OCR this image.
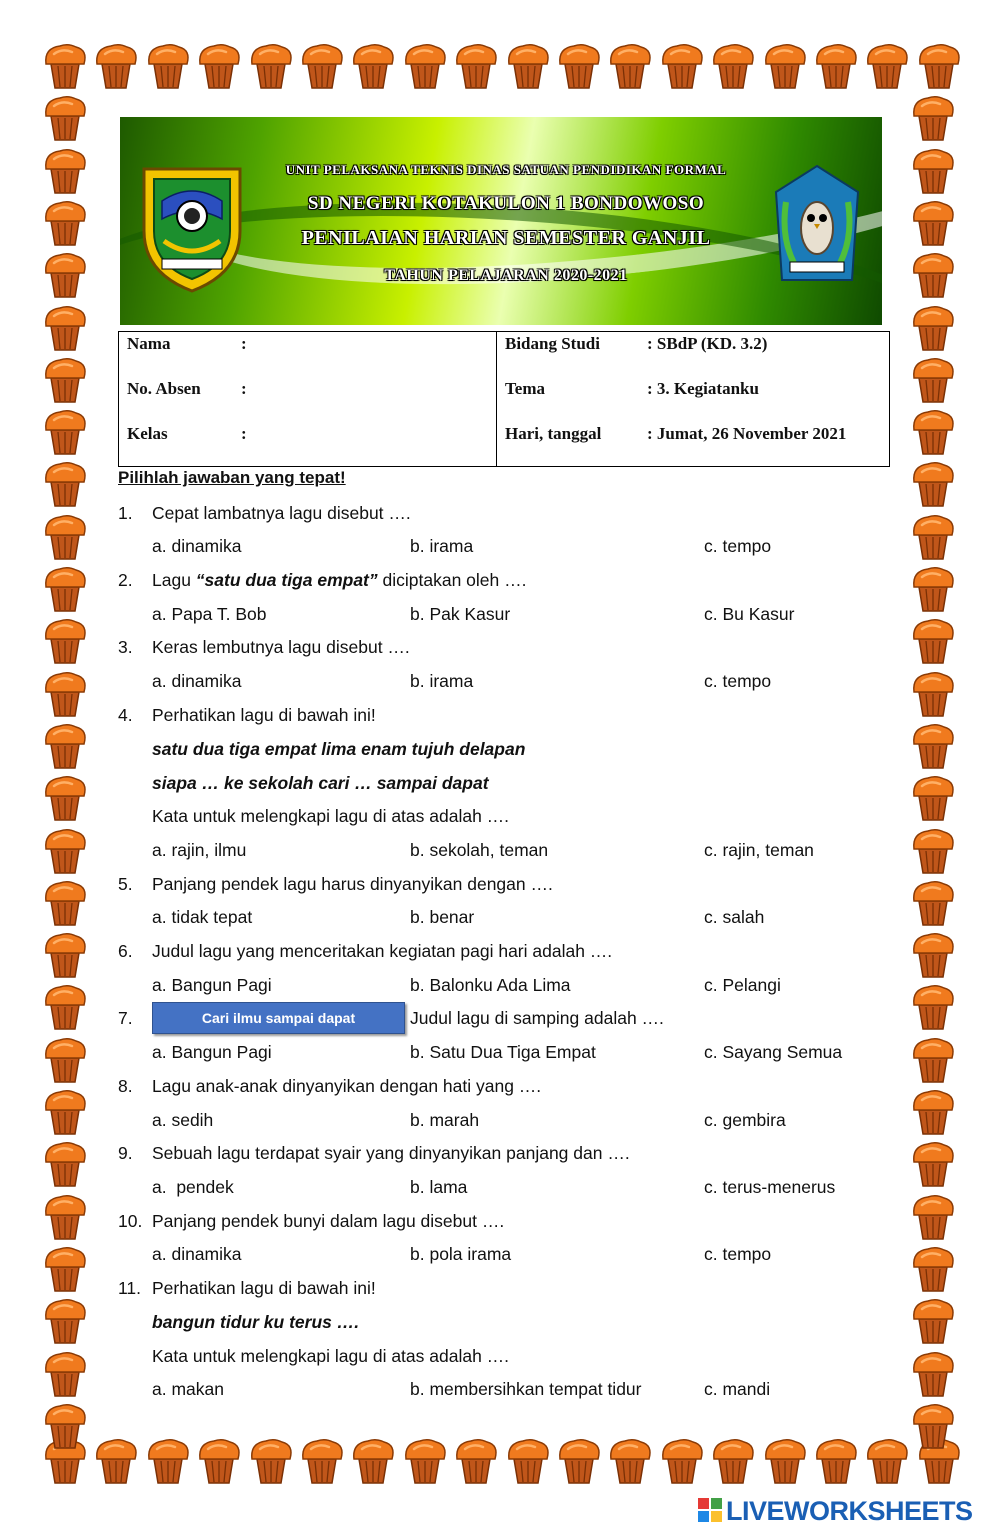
UNIT PELAKSANA TEKNIS DINAS SATUAN PENDIDIKAN FORMAL
SD NEGERI KOTAKULON 1 BONDOWOSO
PENILAIAN HARIAN SEMESTER GANJIL
TAHUN PELAJARAN 2020-2021
Nama	:
No. Absen :
Kelas	:

Bidang Studi	: SBdP (KD. 3.2)
Tema	: 3. Kegiatanku
Hari, tanggal	: Jumat, 26 November 2021
Pilihlah jawaban yang tepat!
1. Cepat lambatnya lagu disebut ….
a. dinamika	b. irama	c. tempo
2. Lagu “satu dua tiga empat” diciptakan oleh ….
a. Papa T. Bob	b. Pak Kasur	c. Bu Kasur
3. Keras lembutnya lagu disebut ….
a. dinamika	b. irama	c. tempo
4. Perhatikan lagu di bawah ini!
satu dua tiga empat lima enam tujuh delapan
siapa … ke sekolah cari … sampai dapat
Kata untuk melengkapi lagu di atas adalah ….
a. rajin, ilmu	b. sekolah, teman	c. rajin, teman
5. Panjang pendek lagu harus dinyanyikan dengan ….
a. tidak tepat	b. benar	c. salah
6. Judul lagu yang menceritakan kegiatan pagi hari adalah ….
a. Bangun Pagi	b. Balonku Ada Lima	c. Pelangi
7.	Cari ilmu sampai dapat	Judul lagu di samping adalah ….
a. Bangun Pagi	b. Satu Dua Tiga Empat	c. Sayang Semua
8. Lagu anak-anak dinyanyikan dengan hati yang ….
a. sedih	b. marah	c. gembira
9. Sebuah lagu terdapat syair yang dinyanyikan panjang dan ….
a.  pendek	b. lama	c. terus-menerus
10. Panjang pendek bunyi dalam lagu disebut ….
a. dinamika	b. pola irama	c. tempo
11. Perhatikan lagu di bawah ini!
bangun tidur ku terus ….
Kata untuk melengkapi lagu di atas adalah ….
a. makan	b. membersihkan tempat tidur	c. mandi
LIVEWORKSHEETS
